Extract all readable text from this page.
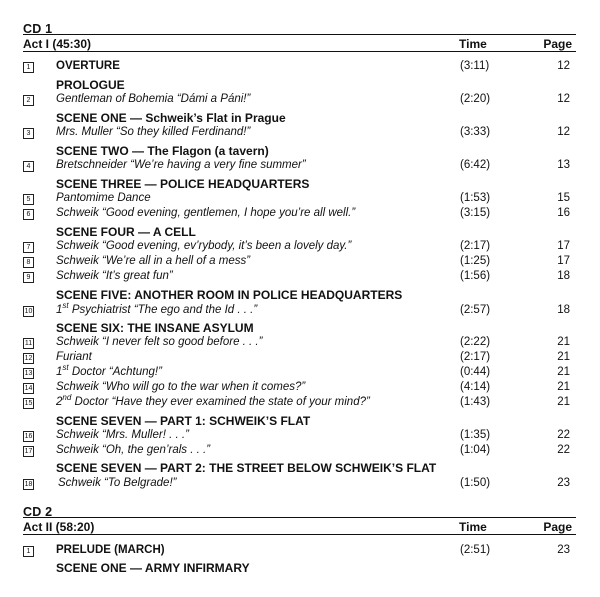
CD 1
Act I (45:30)	Time	Page
1	OVERTURE	(3:11)	12
PROLOGUE
2	Gentleman of Bohemia “Dámi a Páni!”	(2:20)	12
SCENE ONE — Schweik’s Flat in Prague
3	Mrs. Muller “So they killed Ferdinand!”	(3:33)	12
SCENE TWO — The Flagon (a tavern)
4	Bretschneider “We’re having a very fine summer”	(6:42)	13
SCENE THREE — POLICE HEADQUARTERS
5	Pantomime Dance	(1:53)	15
6	Schweik “Good evening, gentlemen, I hope you’re all well.”	(3:15)	16
SCENE FOUR — A CELL
7	Schweik “Good evening, ev’rybody, it’s been a lovely day.”	(2:17)	17
8	Schweik “We’re all in a hell of a mess”	(1:25)	17
9	Schweik “It’s great fun”	(1:56)	18
SCENE FIVE: ANOTHER ROOM IN POLICE HEADQUARTERS
10 1st Psychiatrist “The ego and the Id . . .”	(2:57)	18
SCENE SIX: THE INSANE ASYLUM
11 Schweik “I never felt so good before . . .”	(2:22)	21
12 Furiant	(2:17)	21
13 1st Doctor “Achtung!”	(0:44)	21
14 Schweik “Who will go to the war when it comes?”	(4:14)	21
15 2nd Doctor “Have they ever examined the state of your mind?”	(1:43)	21
SCENE SEVEN — PART 1: SCHWEIK’S FLAT
16 Schweik “Mrs. Muller! . . .”	(1:35)	22
17 Schweik “Oh, the gen’rals . . .”	(1:04)	22
SCENE SEVEN — PART 2: THE STREET BELOW SCHWEIK’S FLAT
18 Schweik “To Belgrade!”	(1:50)	23
CD 2
Act II (58:20)	Time	Page
1	PRELUDE (MARCH)	(2:51)	23
SCENE ONE — ARMY INFIRMARY
